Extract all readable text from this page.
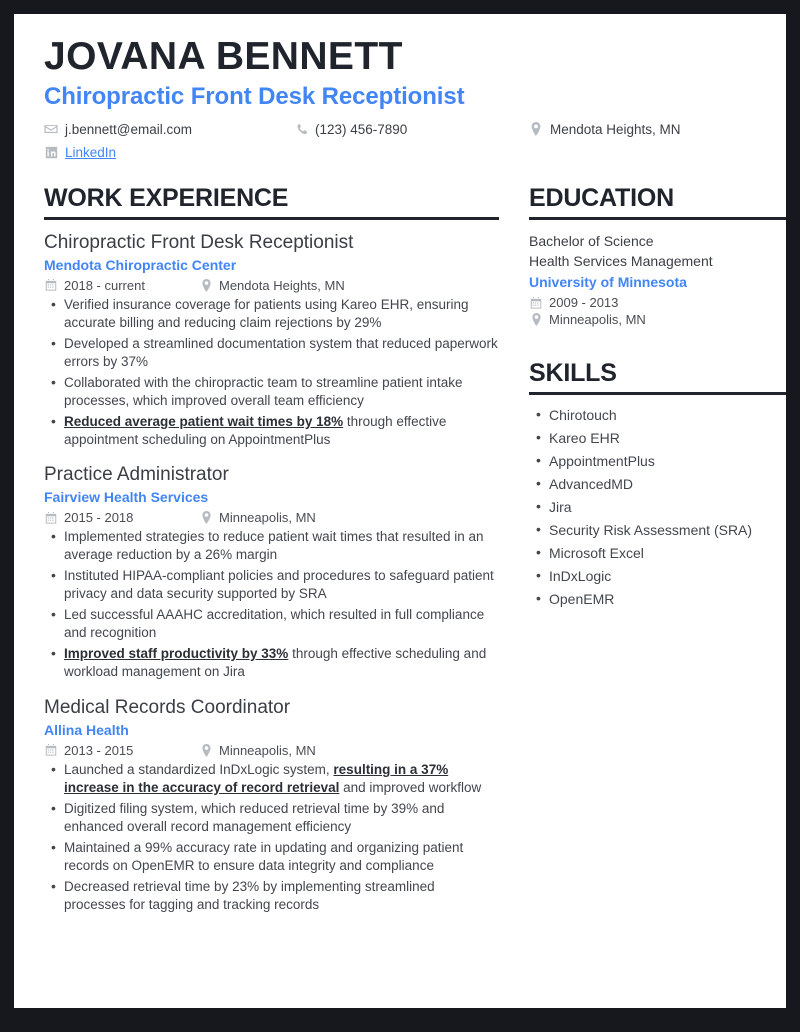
JOVANA BENNETT
Chiropractic Front Desk Receptionist
j.bennett@email.com	(123) 456-7890	Mendota Heights, MN
LinkedIn
WORK EXPERIENCE
Chiropractic Front Desk Receptionist
Mendota Chiropractic Center
2018 - current	Mendota Heights, MN
• Verified insurance coverage for patients using Kareo EHR, ensuring accurate billing and reducing claim rejections by 29%
• Developed a streamlined documentation system that reduced paperwork errors by 37%
• Collaborated with the chiropractic team to streamline patient intake processes, which improved overall team efficiency
• Reduced average patient wait times by 18% through effective appointment scheduling on AppointmentPlus
Practice Administrator
Fairview Health Services
2015 - 2018	Minneapolis, MN
• Implemented strategies to reduce patient wait times that resulted in an average reduction by a 26% margin
• Instituted HIPAA-compliant policies and procedures to safeguard patient privacy and data security supported by SRA
• Led successful AAAHC accreditation, which resulted in full compliance and recognition
• Improved staff productivity by 33% through effective scheduling and workload management on Jira
Medical Records Coordinator
Allina Health
2013 - 2015	Minneapolis, MN
• Launched a standardized InDxLogic system, resulting in a 37% increase in the accuracy of record retrieval and improved workflow
• Digitized filing system, which reduced retrieval time by 39% and enhanced overall record management efficiency
• Maintained a 99% accuracy rate in updating and organizing patient records on OpenEMR to ensure data integrity and compliance
• Decreased retrieval time by 23% by implementing streamlined processes for tagging and tracking records
EDUCATION
Bachelor of Science
Health Services Management
University of Minnesota
2009 - 2013
Minneapolis, MN
SKILLS
• Chirotouch
• Kareo EHR
• AppointmentPlus
• AdvancedMD
• Jira
• Security Risk Assessment (SRA)
• Microsoft Excel
• InDxLogic
• OpenEMR
